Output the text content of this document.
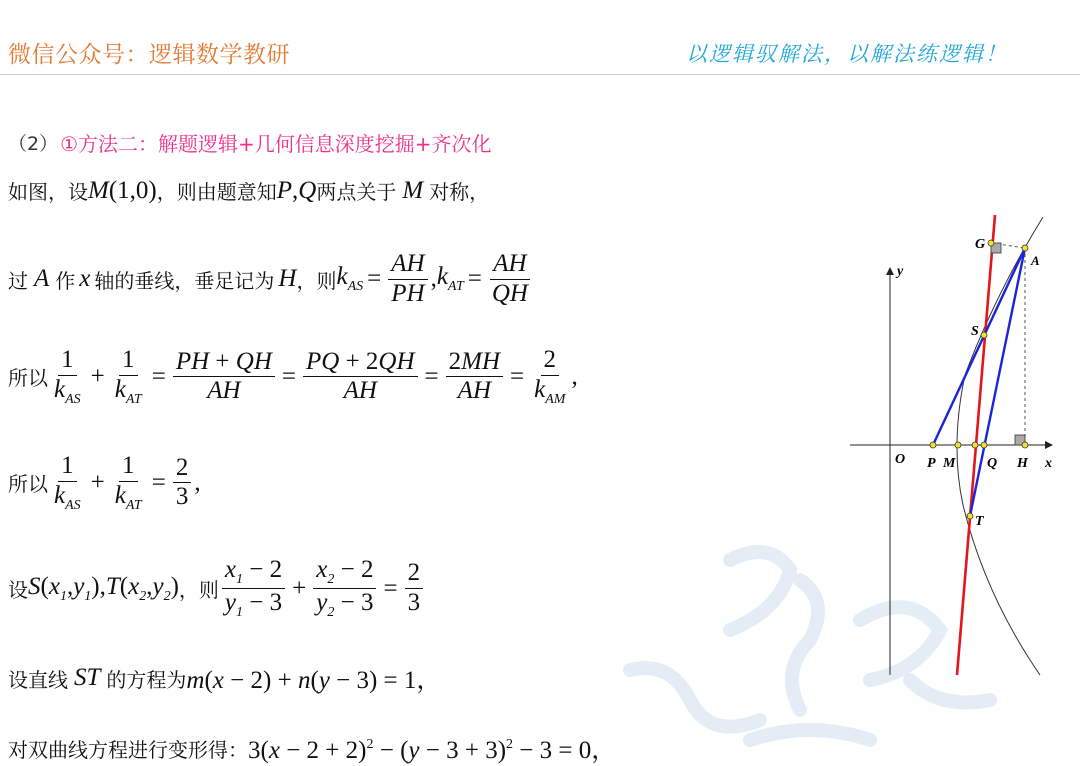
微信公众号：逻辑数学教研	以逻辑驭解法，以解法练逻辑！
（2） ①方法二：解题逻辑+几何信息深度挖掘+齐次化
如图，设 M(1,0) ，则由题意知 P , Q 两点关于 M 对称，
过 A 作 x 轴的垂线，垂足记为 H ，则 $k_{AS} = \frac{AH}{PH}$ , $k_{AT} = \frac{AH}{QH}$
所以 $\frac{1}{k_{AS}} + \frac{1}{k_{AT}} = \frac{PH + QH}{AH} = \frac{PQ + 2QH}{AH} = \frac{2MH}{AH} = \frac{2}{k_{AM}}$ ,
所以 $\frac{1}{k_{AS}} + \frac{1}{k_{AT}} = \frac{2}{3}$ ,
设 $S(x_1,y_1),T(x_2,y_2)$ ，则 $\frac{x_1 - 2}{y_1 - 3} + \frac{x_2 - 2}{y_2 - 3} = \frac{2}{3}$
设直线 ST 的方程为 m(x − 2) + n(y − 3) = 1，
对双曲线方程进行变形得： $3(x - 2 + 2)^2 - (y - 3 + 3)^2 - 3 = 0$，
G
A
S
y
O P M Q H x
T
